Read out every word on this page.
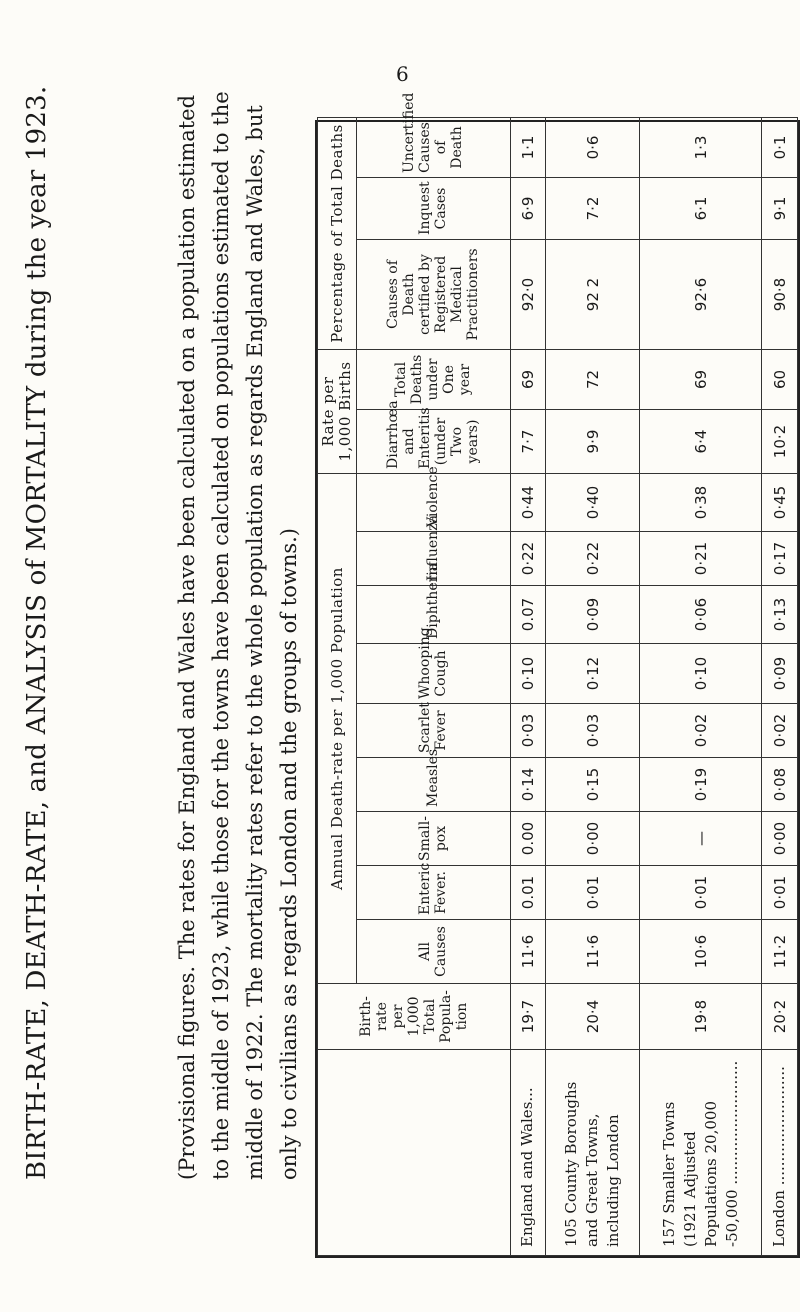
6
BIRTH-RATE, DEATH-RATE, and ANALYSIS of MORTALITY during the year 1923.	(Provisional figures. The rates for England and Wales have been calculated on a population estimated to the middle of 1923, while those for the towns have been calculated on populations estimated to the middle of 1922. The mortality rates refer to the whole population as regards England and Wales, but only to civilians as regards London and the groups of towns.)
		Birth-rate per 1,000 Total Popula-tion	Annual Death-rate per 1,000 Population									Rate per 1,000 Births		Percentage of Total Deaths		
		All Causes	Enteric Fever.	Small-pox	Measles	Scarlet Fever	Whooping Cough	Diphtheria	Influenza	Violence	Diarrhœa and Enteritis (under Two years)	Total Deaths under One year	Causes of Death certified by Registered Medical Practitioners	Inquest Cases	Uncertified Causes of Death
England and Wales...	19·7	11·6	0.01	0.00	0·14	0·03	0·10	0.07	0·22	0·44	7·7	69	92·0	6·9	1·1
105 County Boroughs and Great Towns, including London	20·4	11·6	0·01	0·00	0·15	0·03	0·12	0·09	0·22	0·40	9·9	72	92 2	7·2	0·6
157 Smaller Towns (1921 Adjusted Populations 20,000 -50,000 ..........................	19·8	10·6	0·01	—	0·19	0·02	0·10	0·06	0·21	0·38	6·4	69	92·6	6·1	1·3
London .........................	20·2	11·2	0·01	0·00	0·08	0·02	0·09	0·13	0·17	0·45	10·2	60	90·8	9·1	0·1
